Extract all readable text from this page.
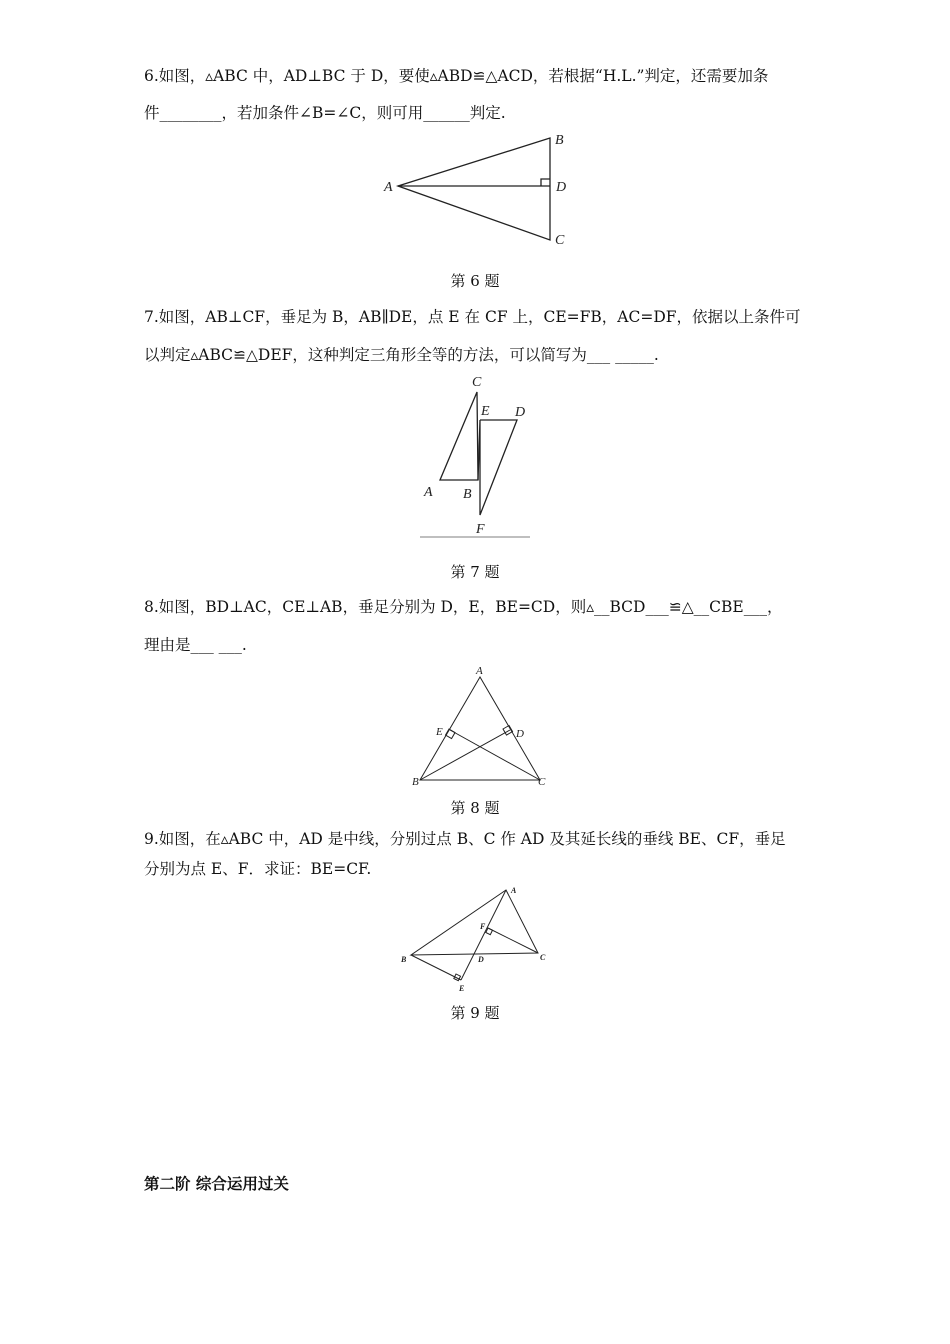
6.如图，▵ABC 中，AD⊥BC 于 D，要使▵ABD≌△ACD，若根据“H.L.”判定，还需要加条
件________，若加条件∠B=∠C，则可用______判定.
第 6 题
7.如图，AB⊥CF，垂足为 B，AB∥DE，点 E 在 CF 上，CE=FB，AC=DF，依据以上条件可
以判定▵ABC≌△DEF，这种判定三角形全等的方法，可以简写为___ _____.
第 7 题
8.如图，BD⊥AC，CE⊥AB，垂足分别为 D，E，BE=CD，则▵__BCD___≌△__CBE___，
理由是___ ___.
第 8 题
9.如图，在▵ABC 中，AD 是中线，分别过点 B、C 作 AD 及其延长线的垂线 BE、CF，垂足
分别为点 E、F．求证：BE=CF.
第 9 题
第二阶 综合运用过关
A
B
D
C
C
E D
A B
F
A
E	D
B	C
A
F
B	D	C
E
